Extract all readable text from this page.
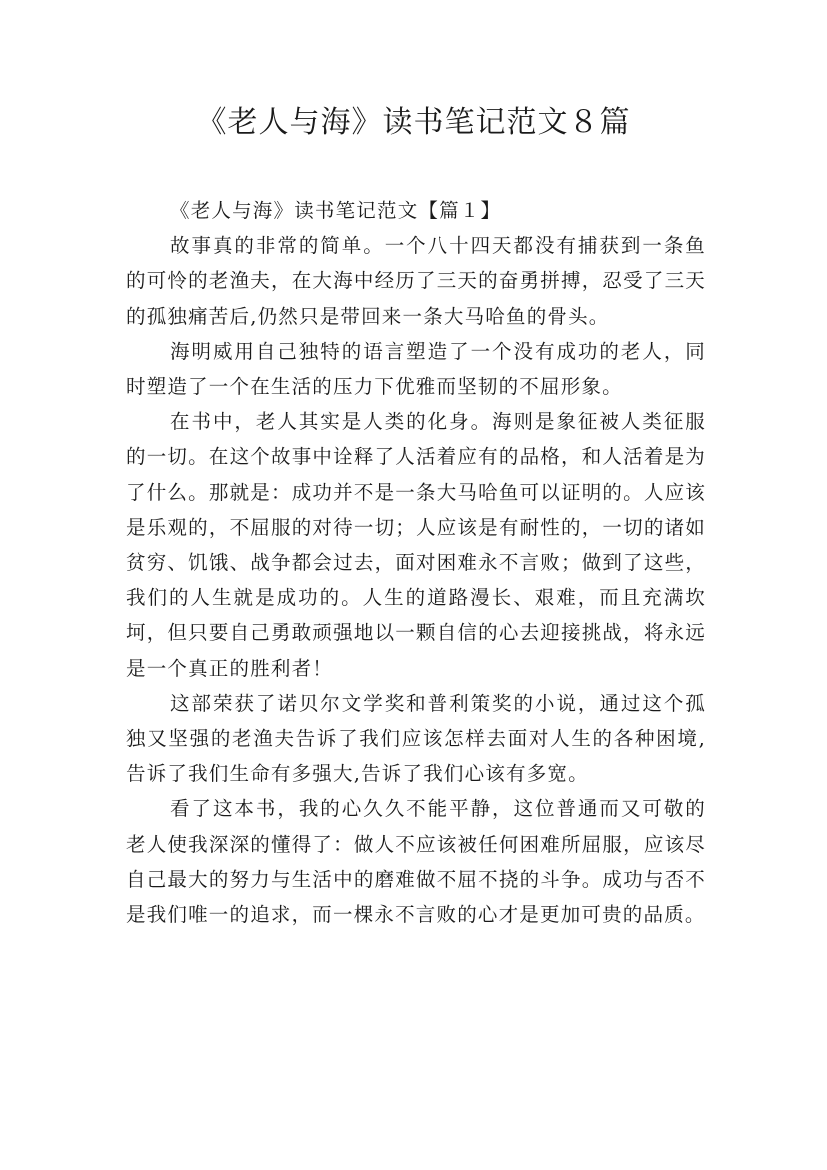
《老人与海》读书笔记范文８篇

《老人与海》读书笔记范文【篇１】

故事真的非常的简单。一个八十四天都没有捕获到一条鱼的可怜的老渔夫，在大海中经历了三天的奋勇拼搏，忍受了三天的孤独痛苦后,仍然只是带回来一条大马哈鱼的骨头。

海明威用自己独特的语言塑造了一个没有成功的老人，同时塑造了一个在生活的压力下优雅而坚韧的不屈形象。

在书中，老人其实是人类的化身。海则是象征被人类征服的一切。在这个故事中诠释了人活着应有的品格，和人活着是为了什么。那就是：成功并不是一条大马哈鱼可以证明的。人应该是乐观的，不屈服的对待一切；人应该是有耐性的，一切的诸如贫穷、饥饿、战争都会过去，面对困难永不言败；做到了这些，我们的人生就是成功的。人生的道路漫长、艰难，而且充满坎坷，但只要自己勇敢顽强地以一颗自信的心去迎接挑战，将永远是一个真正的胜利者！

这部荣获了诺贝尔文学奖和普利策奖的小说，通过这个孤独又坚强的老渔夫告诉了我们应该怎样去面对人生的各种困境,告诉了我们生命有多强大,告诉了我们心该有多宽。

看了这本书，我的心久久不能平静，这位普通而又可敬的老人使我深深的懂得了：做人不应该被任何困难所屈服，应该尽自己最大的努力与生活中的磨难做不屈不挠的斗争。成功与否不是我们唯一的追求，而一棵永不言败的心才是更加可贵的品质。
